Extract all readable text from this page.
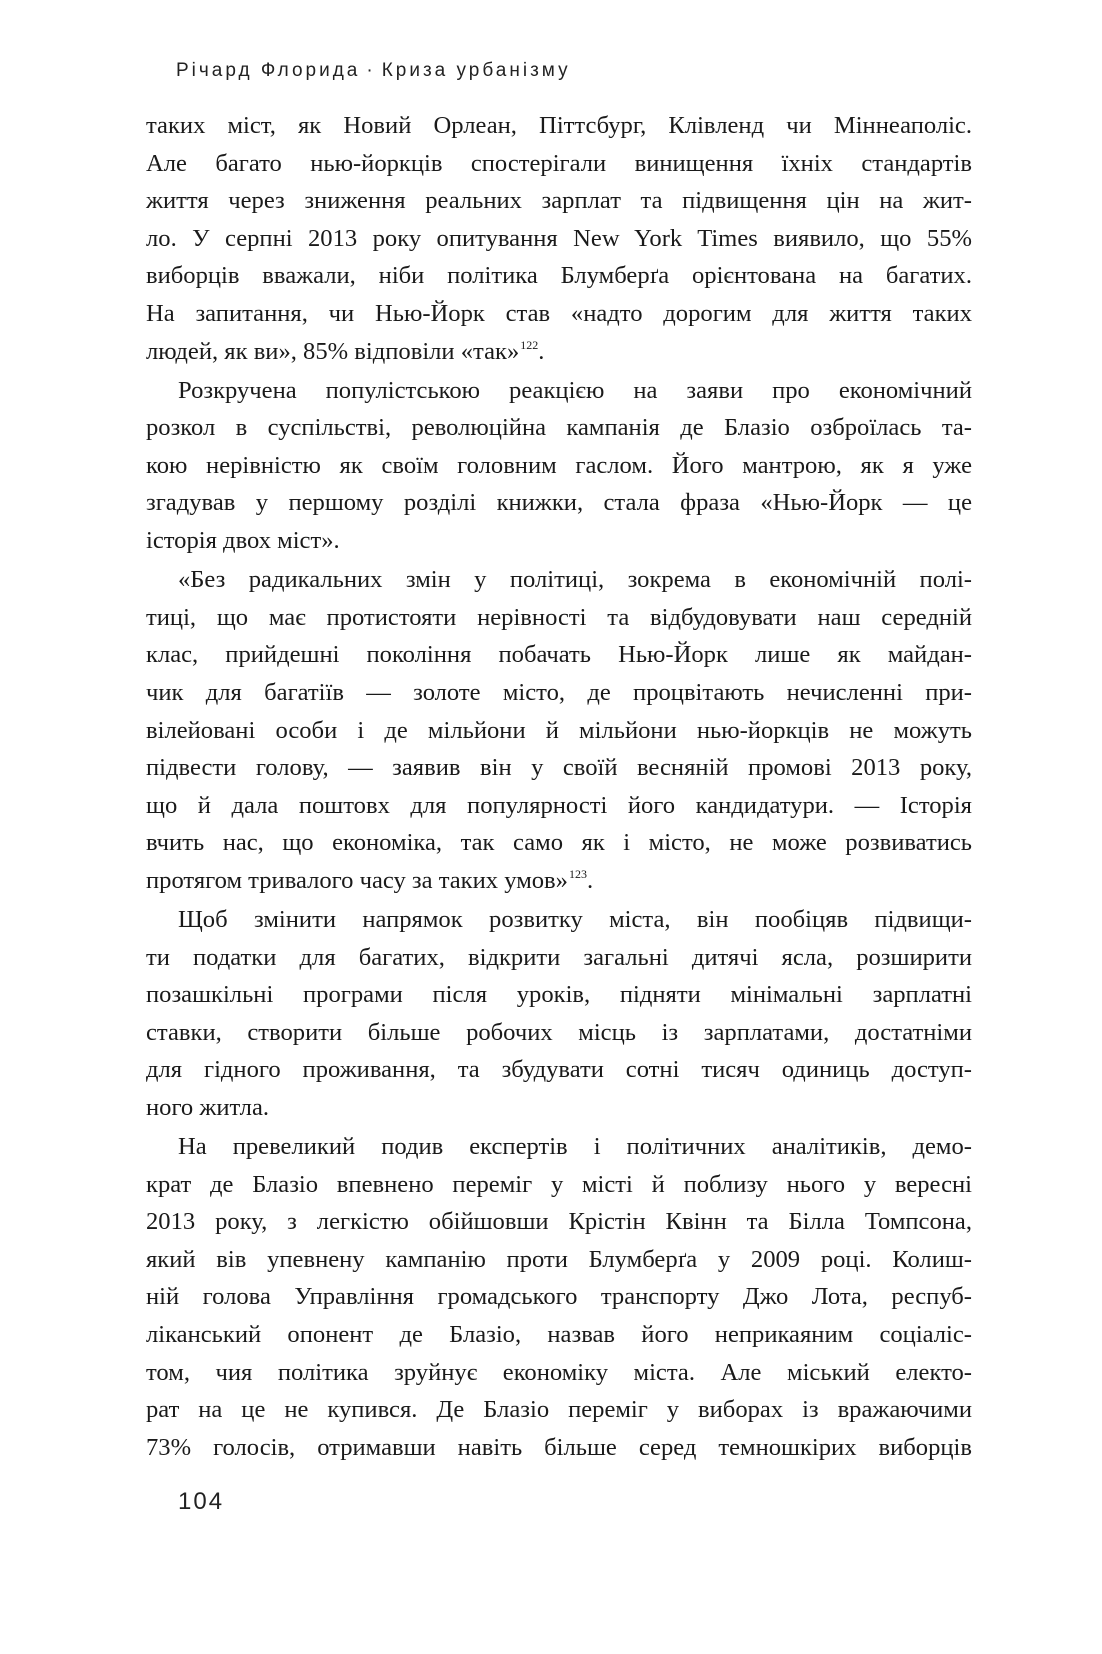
Річард Флорида · Криза урбанізму
таких міст, як Новий Орлеан, Піттсбург, Клівленд чи Міннеаполіс.
Але багато нью-йоркців спостерігали винищення їхніх стандартів
життя через зниження реальних зарплат та підвищення цін на жит-
ло. У серпні 2013 року опитування New York Times виявило, що 55%
виборців вважали, ніби політика Блумберґа орієнтована на багатих.
На запитання, чи Нью-Йорк став «надто дорогим для життя таких
людей, як ви», 85% відповіли «так»$^{122}$.
Розкручена популістською реакцією на заяви про економічний
розкол в суспільстві, революційна кампанія де Блазіо озброїлась та-
кою нерівністю як своїм головним гаслом. Його мантрою, як я уже
згадував у першому розділі книжки, стала фраза «Нью-Йорк — це
історія двох міст».
«Без радикальних змін у політиці, зокрема в економічній полі-
тиці, що має протистояти нерівності та відбудовувати наш середній
клас, прийдешні покоління побачать Нью-Йорк лише як майдан-
чик для багатіїв — золоте місто, де процвітають нечисленні при-
вілейовані особи і де мільйони й мільйони нью-йоркців не можуть
підвести голову, — заявив він у своїй весняній промові 2013 року,
що й дала поштовх для популярності його кандидатури. — Історія
вчить нас, що економіка, так само як і місто, не може розвиватись
протягом тривалого часу за таких умов»$^{123}$.
Щоб змінити напрямок розвитку міста, він пообіцяв підвищи-
ти податки для багатих, відкрити загальні дитячі ясла, розширити
позашкільні програми після уроків, підняти мінімальні зарплатні
ставки, створити більше робочих місць із зарплатами, достатніми
для гідного проживання, та збудувати сотні тисяч одиниць доступ-
ного житла.
На превеликий подив експертів і політичних аналітиків, демо-
крат де Блазіо впевнено переміг у місті й поблизу нього у вересні
2013 року, з легкістю обійшовши Крістін Квінн та Білла Томпсона,
який вів упевнену кампанію проти Блумберґа у 2009 році. Колиш-
ній голова Управління громадського транспорту Джо Лота, респуб-
ліканський опонент де Блазіо, назвав його неприкаяним соціаліс-
том, чия політика зруйнує економіку міста. Але міський електо-
рат на це не купився. Де Блазіо переміг у виборах із вражаючими
73% голосів, отримавши навіть більше серед темношкірих виборців
104
